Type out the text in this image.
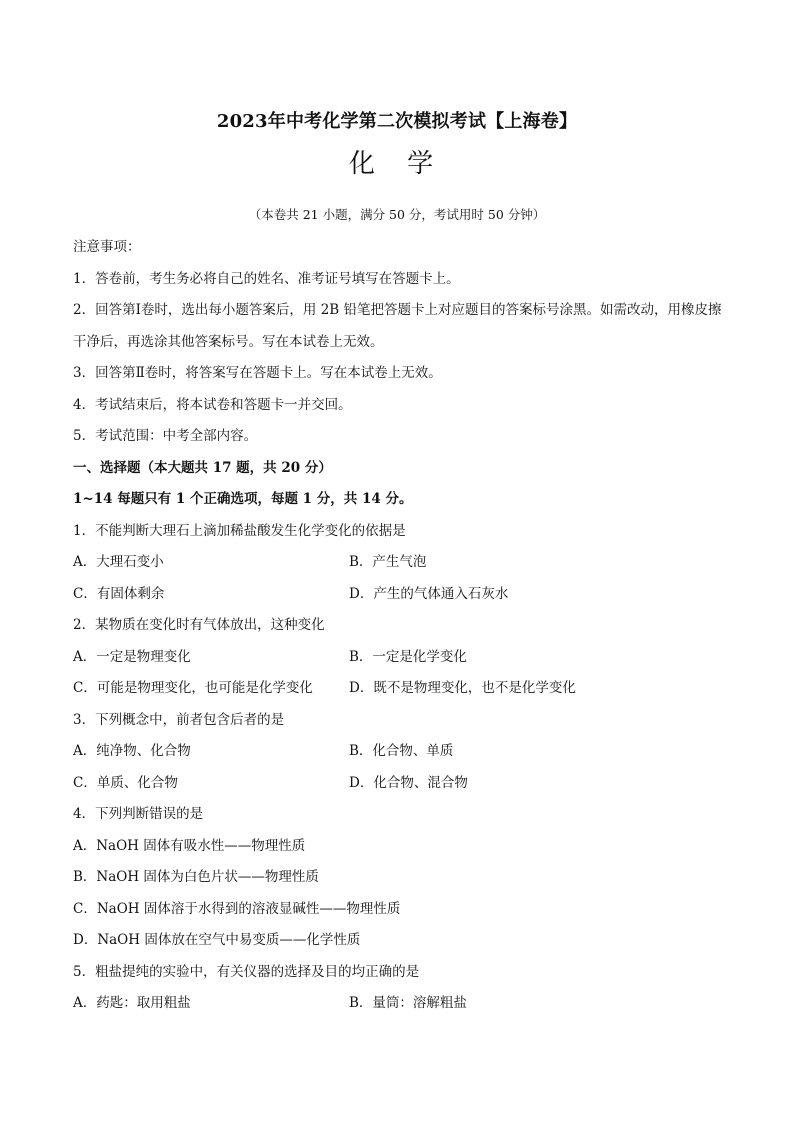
2023年中考化学第二次模拟考试【上海卷】
化 学
（本卷共 21 小题，满分 50 分，考试用时 50 分钟）
注意事项：
1．答卷前，考生务必将自己的姓名、准考证号填写在答题卡上。
2．回答第Ⅰ卷时，选出每小题答案后，用 2B 铅笔把答题卡上对应题目的答案标号涂黑。如需改动，用橡皮擦干净后，再选涂其他答案标号。写在本试卷上无效。
3．回答第Ⅱ卷时，将答案写在答题卡上。写在本试卷上无效。
4．考试结束后，将本试卷和答题卡一并交回。
5．考试范围：中考全部内容。
一、选择题（本大题共 17 题，共 20 分）
1~14 每题只有 1 个正确选项，每题 1 分，共 14 分。
1．不能判断大理石上滴加稀盐酸发生化学变化的依据是
A．大理石变小	B．产生气泡
C．有固体剩余	D．产生的气体通入石灰水
2．某物质在变化时有气体放出，这种变化
A．一定是物理变化	B．一定是化学变化
C．可能是物理变化，也可能是化学变化	D．既不是物理变化，也不是化学变化
3．下列概念中，前者包含后者的是
A．纯净物、化合物	B．化合物、单质
C．单质、化合物	D．化合物、混合物
4．下列判断错误的是
A．NaOH 固体有吸水性——物理性质
B．NaOH 固体为白色片状——物理性质
C．NaOH 固体溶于水得到的溶液显碱性——物理性质
D．NaOH 固体放在空气中易变质——化学性质
5．粗盐提纯的实验中，有关仪器的选择及目的均正确的是
A．药匙：取用粗盐	B．量筒：溶解粗盐
